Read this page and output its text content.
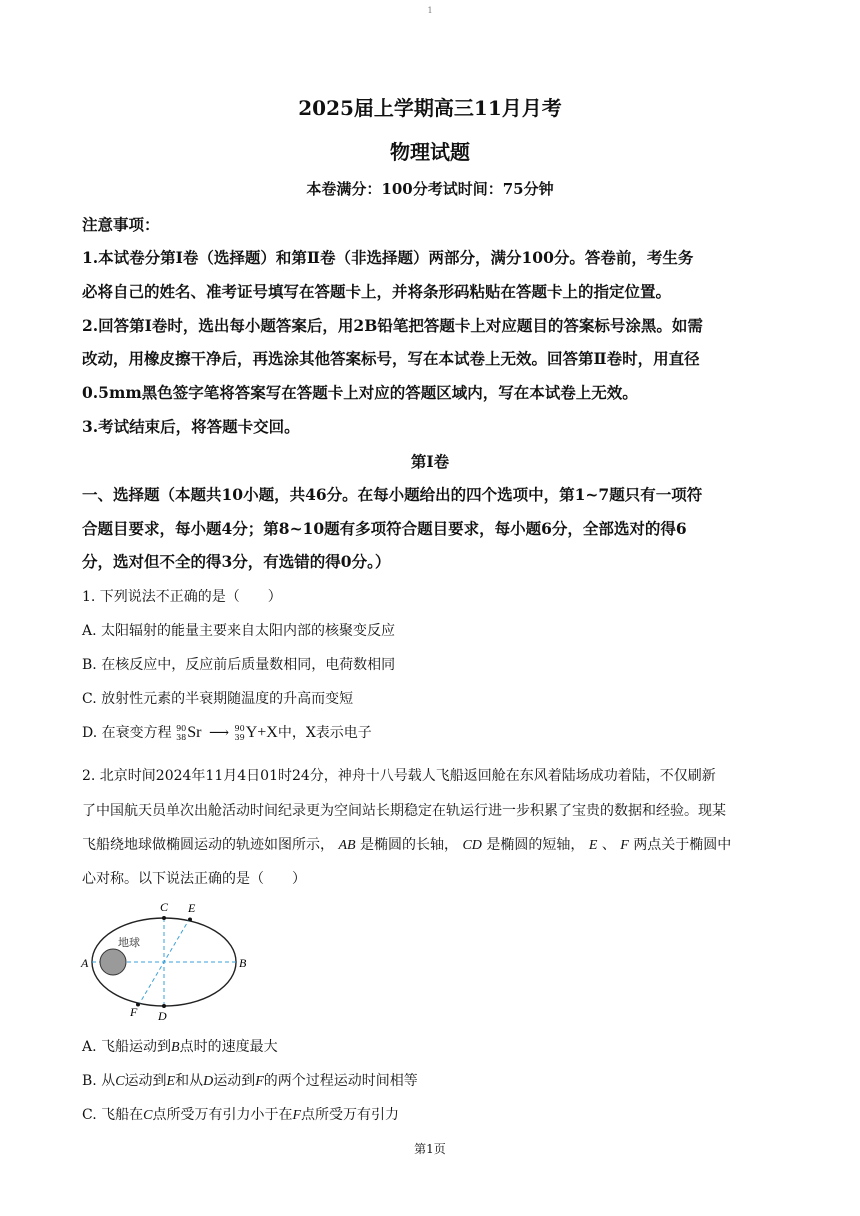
1
2025届上学期高三11月月考
物理试题
本卷满分：100分考试时间：75分钟
注意事项：
1.本试卷分第Ⅰ卷（选择题）和第Ⅱ卷（非选择题）两部分，满分100分。答卷前，考生务
必将自己的姓名、准考证号填写在答题卡上，并将条形码粘贴在答题卡上的指定位置。
2.回答第Ⅰ卷时，选出每小题答案后，用2B铅笔把答题卡上对应题目的答案标号涂黑。如需
改动，用橡皮擦干净后，再选涂其他答案标号，写在本试卷上无效。回答第Ⅱ卷时，用直径
0.5mm黑色签字笔将答案写在答题卡上对应的答题区域内，写在本试卷上无效。
3.考试结束后，将答题卡交回。
第Ⅰ卷
一、选择题（本题共10小题，共46分。在每小题给出的四个选项中，第1~7题只有一项符
合题目要求，每小题4分；第8~10题有多项符合题目要求，每小题6分，全部选对的得6
分，选对但不全的得3分，有选错的得0分。）
1. 下列说法不正确的是（　　）
A. 太阳辐射的能量主要来自太阳内部的核聚变反应
B. 在核反应中，反应前后质量数相同，电荷数相同
C. 放射性元素的半衰期随温度的升高而变短
D. 在衰变方程 90
38 Sr ⟶ 90
39 Y+X中，X表示电子
2. 北京时间2024年11月4日01时24分，神舟十八号载人飞船返回舱在东风着陆场成功着陆，不仅刷新
了中国航天员单次出舱活动时间纪录更为空间站长期稳定在轨运行进一步积累了宝贵的数据和经验。现某
飞船绕地球做椭圆运动的轨迹如图所示， AB 是椭圆的长轴， CD 是椭圆的短轴， E 、 F 两点关于椭圆中
心对称。以下说法正确的是（　　）
地球
A	B
C E
D
F
A. 飞船运动到B点时的速度最大
B. 从C运动到E和从D运动到F的两个过程运动时间相等
C. 飞船在C点所受万有引力小于在F点所受万有引力
第1页
